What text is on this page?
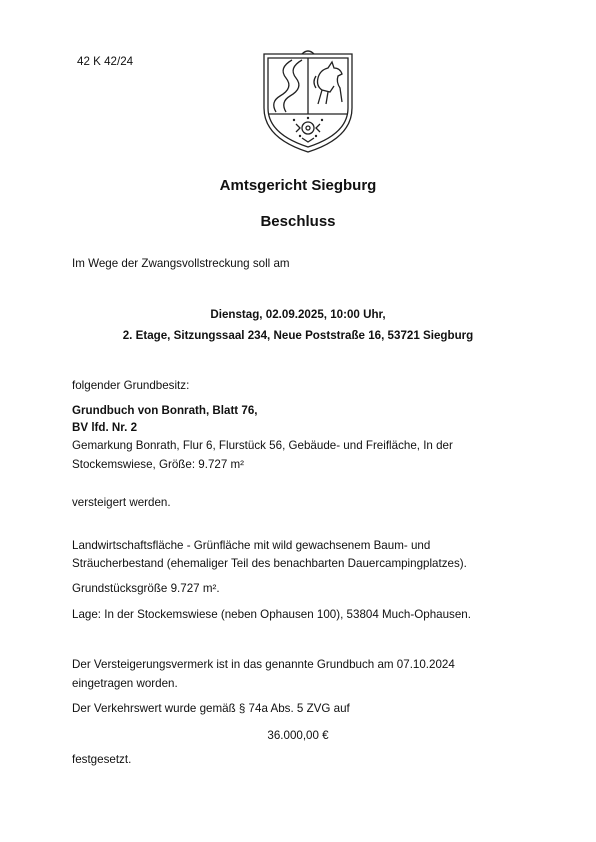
42 K 42/24
Amtsgericht Siegburg
Beschluss
Im Wege der Zwangsvollstreckung soll am
Dienstag, 02.09.2025, 10:00 Uhr,
2. Etage, Sitzungssaal 234, Neue Poststraße 16, 53721 Siegburg
folgender Grundbesitz:
Grundbuch von Bonrath, Blatt 76,
BV lfd. Nr. 2
Gemarkung Bonrath, Flur 6, Flurstück 56, Gebäude- und Freifläche, In der
Stockemswiese, Größe: 9.727 m²
versteigert werden.
Landwirtschaftsfläche - Grünfläche mit wild gewachsenem Baum- und
Sträucherbestand (ehemaliger Teil des benachbarten Dauercampingplatzes).
Grundstücksgröße 9.727 m².
Lage: In der Stockemswiese (neben Ophausen 100), 53804 Much-Ophausen.
Der Versteigerungsvermerk ist in das genannte Grundbuch am 07.10.2024
eingetragen worden.
Der Verkehrswert wurde gemäß § 74a Abs. 5 ZVG auf
36.000,00 €
festgesetzt.
